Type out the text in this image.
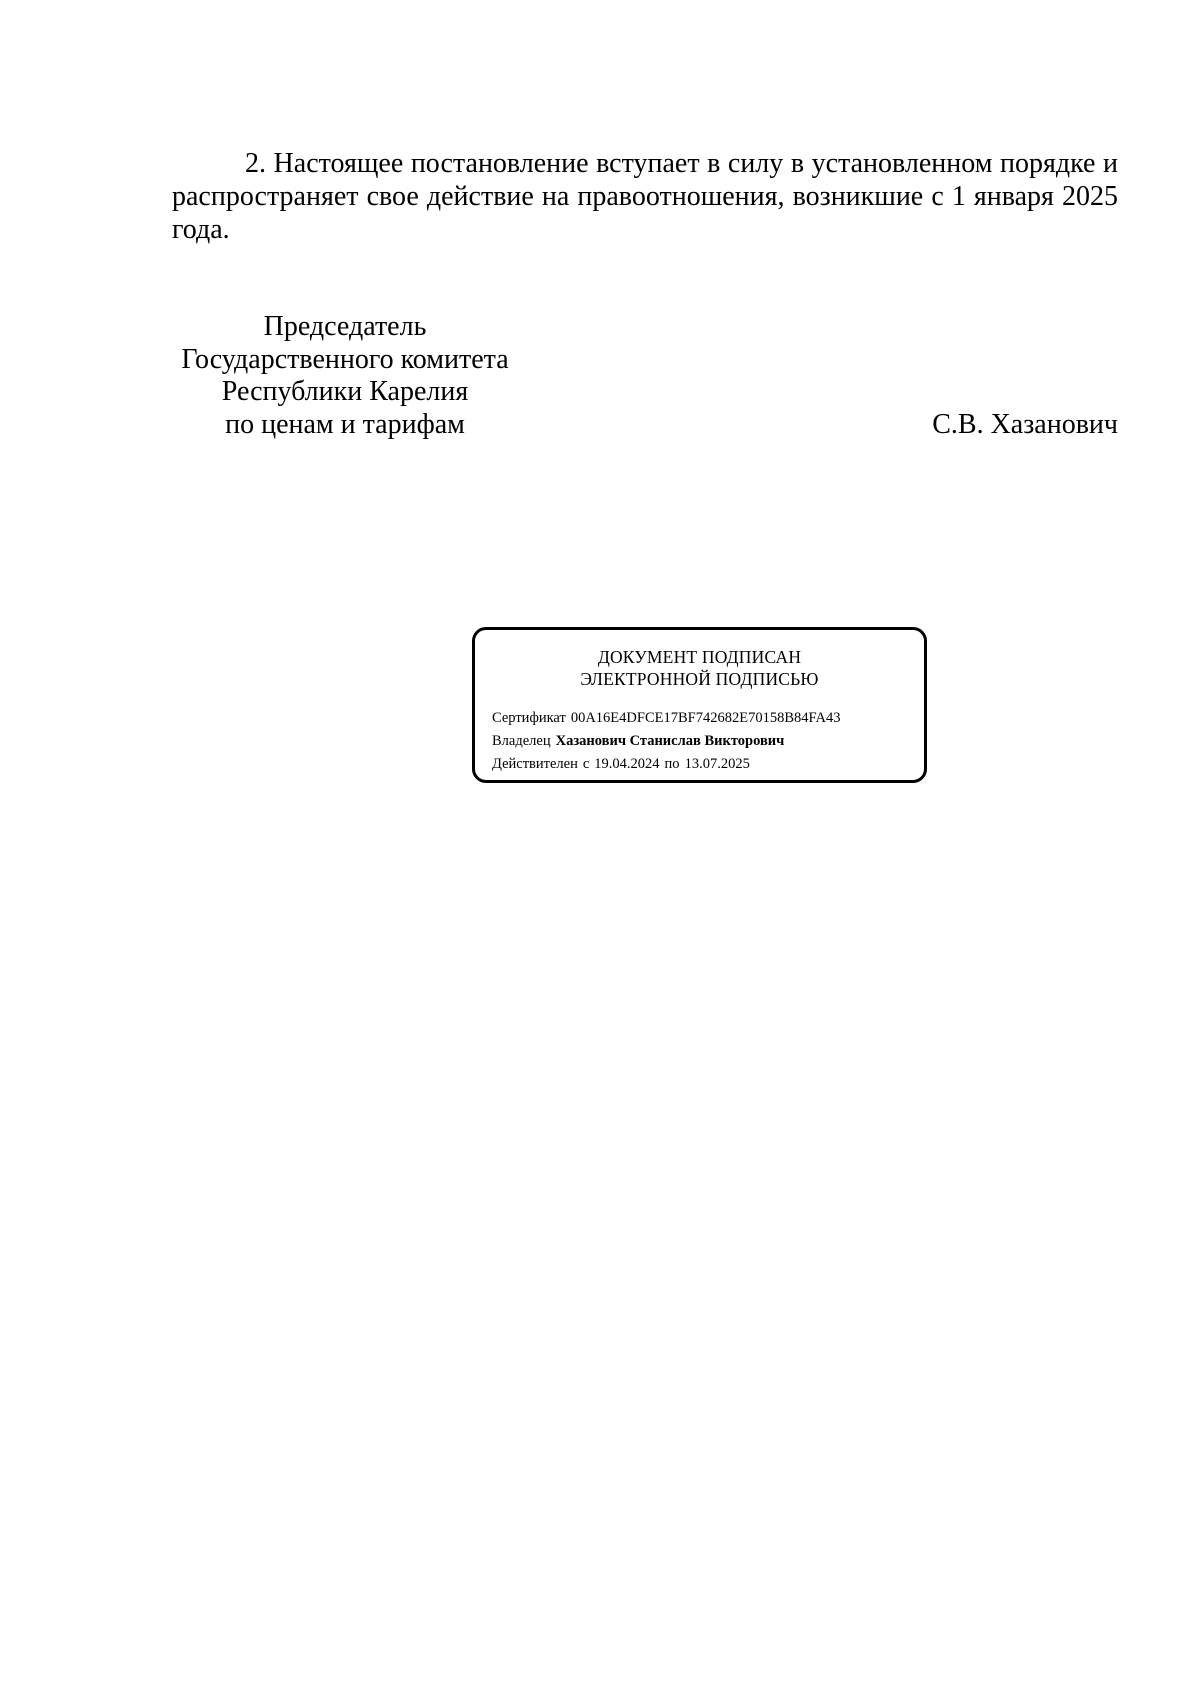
2. Настоящее постановление вступает в силу в установленном порядке и распространяет свое действие на правоотношения, возникшие с 1 января 2025 года.

Председатель
Государственного комитета
Республики Карелия
по ценам и тарифам	С.В. Хазанович
ДОКУМЕНТ ПОДПИСАН
ЭЛЕКТРОННОЙ ПОДПИСЬЮ
Сертификат 00A16E4DFCE17BF742682E70158B84FA43
Владелец Хазанович Станислав Викторович
Действителен с 19.04.2024 по 13.07.2025
